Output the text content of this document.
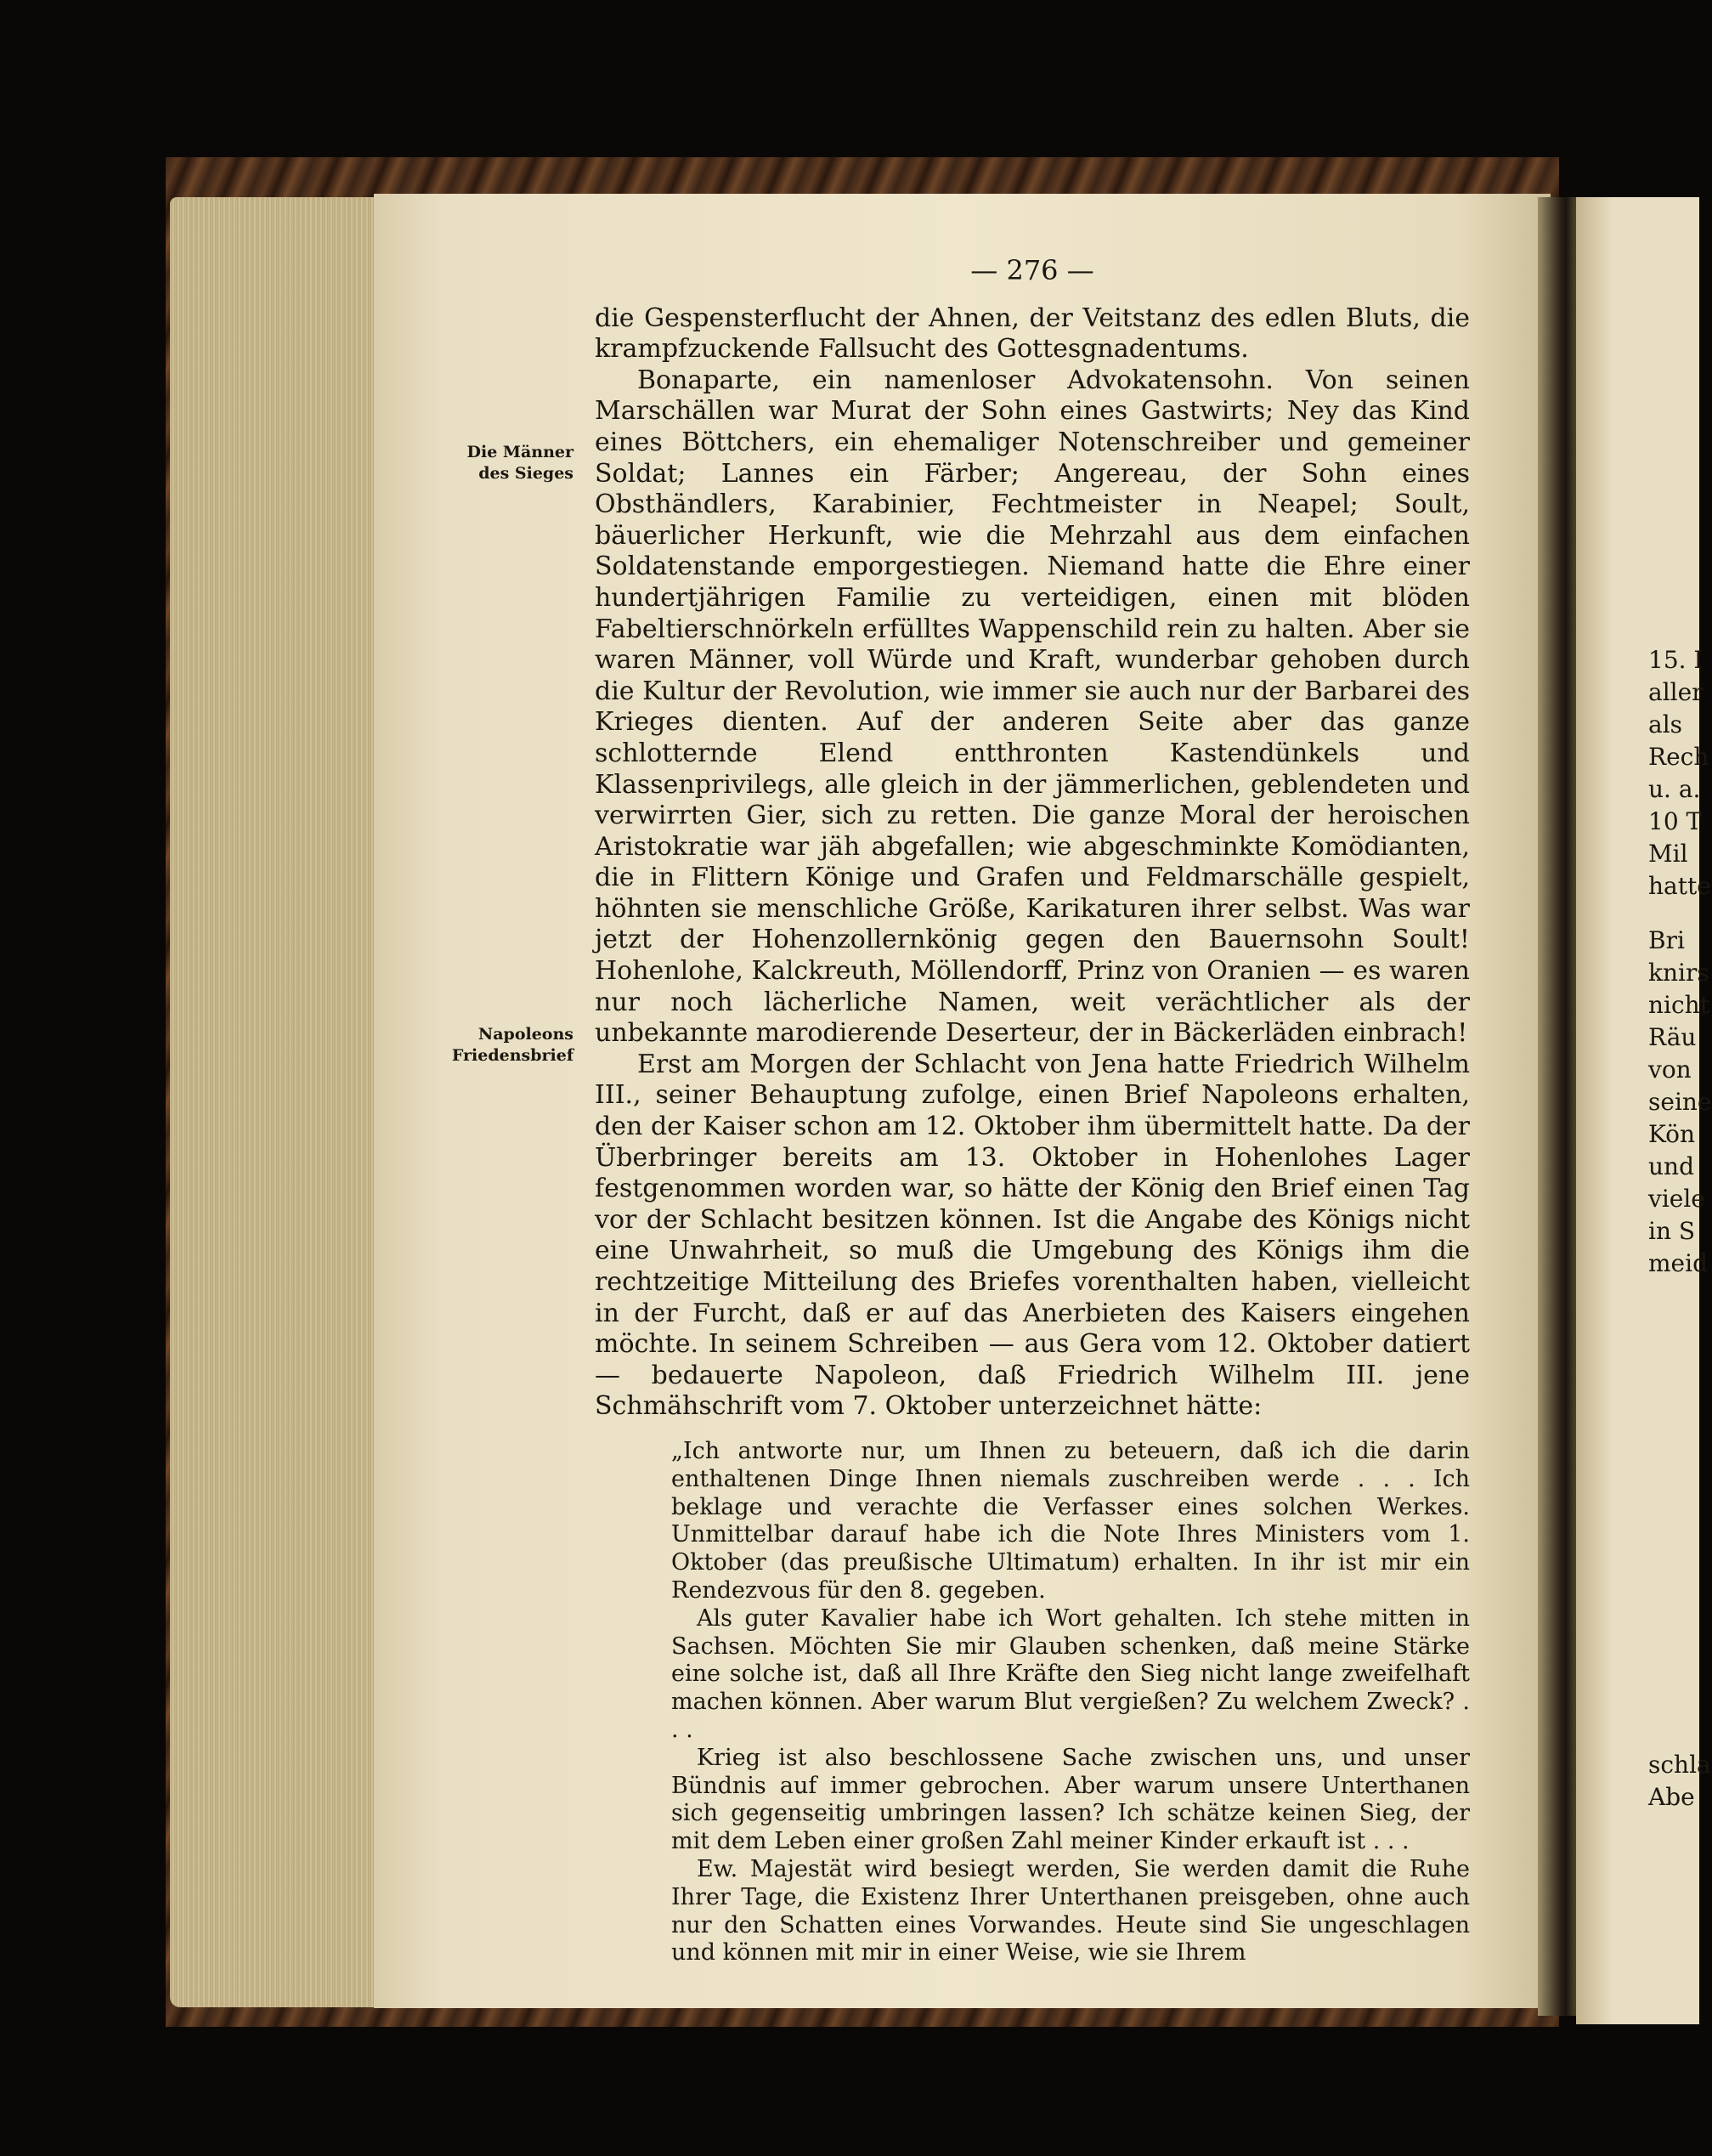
Die Männer des Sieges
Napoleons Friedensbrief
— 276 —

die Gespensterflucht der Ahnen, der Veitstanz des edlen Bluts, die krampfzuckende Fallsucht des Gottesgnadentums.

Bonaparte, ein namenloser Advokatensohn. Von seinen Marschällen war Murat der Sohn eines Gastwirts; Ney das Kind eines Böttchers, ein ehemaliger Notenschreiber und gemeiner Soldat; Lannes ein Färber; Angereau, der Sohn eines Obsthändlers, Karabinier, Fechtmeister in Neapel; Soult, bäuerlicher Herkunft, wie die Mehrzahl aus dem einfachen Soldatenstande emporgestiegen. Niemand hatte die Ehre einer hundertjährigen Familie zu verteidigen, einen mit blöden Fabeltierschnörkeln erfülltes Wappenschild rein zu halten. Aber sie waren Männer, voll Würde und Kraft, wunderbar gehoben durch die Kultur der Revolution, wie immer sie auch nur der Barbarei des Krieges dienten. Auf der anderen Seite aber das ganze schlotternde Elend entthronten Kastendünkels und Klassenprivilegs, alle gleich in der jämmerlichen, geblendeten und verwirrten Gier, sich zu retten. Die ganze Moral der heroischen Aristokratie war jäh abgefallen; wie abgeschminkte Komödianten, die in Flittern Könige und Grafen und Feldmarschälle gespielt, höhnten sie menschliche Größe, Karikaturen ihrer selbst. Was war jetzt der Hohenzollernkönig gegen den Bauernsohn Soult! Hohenlohe, Kalckreuth, Möllendorff, Prinz von Oranien — es waren nur noch lächerliche Namen, weit verächtlicher als der unbekannte marodierende Deserteur, der in Bäckerläden einbrach!

Erst am Morgen der Schlacht von Jena hatte Friedrich Wilhelm III., seiner Behauptung zufolge, einen Brief Napoleons erhalten, den der Kaiser schon am 12. Oktober ihm übermittelt hatte. Da der Überbringer bereits am 13. Oktober in Hohenlohes Lager festgenommen worden war, so hätte der König den Brief einen Tag vor der Schlacht besitzen können. Ist die Angabe des Königs nicht eine Unwahrheit, so muß die Umgebung des Königs ihm die rechtzeitige Mitteilung des Briefes vorenthalten haben, vielleicht in der Furcht, daß er auf das Anerbieten des Kaisers eingehen möchte. In seinem Schreiben — aus Gera vom 12. Oktober datiert — bedauerte Napoleon, daß Friedrich Wilhelm III. jene Schmähschrift vom 7. Oktober unterzeichnet hätte:

„Ich antworte nur, um Ihnen zu beteuern, daß ich die darin enthaltenen Dinge Ihnen niemals zuschreiben werde . . . Ich beklage und verachte die Verfasser eines solchen Werkes. Unmittelbar darauf habe ich die Note Ihres Ministers vom 1. Oktober (das preußische Ultimatum) erhalten. In ihr ist mir ein Rendezvous für den 8. gegeben.

Als guter Kavalier habe ich Wort gehalten. Ich stehe mitten in Sachsen. Möchten Sie mir Glauben schenken, daß meine Stärke eine solche ist, daß all Ihre Kräfte den Sieg nicht lange zweifelhaft machen können. Aber warum Blut vergießen? Zu welchem Zweck? . . .

Krieg ist also beschlossene Sache zwischen uns, und unser Bündnis auf immer gebrochen. Aber warum unsere Unterthanen sich gegenseitig umbringen lassen? Ich schätze keinen Sieg, der mit dem Leben einer großen Zahl meiner Kinder erkauft ist . . .

Ew. Majestät wird besiegt werden, Sie werden damit die Ruhe Ihrer Tage, die Existenz Ihrer Unterthanen preisgeben, ohne auch nur den Schatten eines Vorwandes. Heute sind Sie ungeschlagen und können mit mir in einer Weise, wie sie Ihrem

15. I
aller
als
Rech
u. a.
10 T
Mil
hatte
Bri
knirs
nicht
Räu
von
seine
Kön
und
viele
in S
meid
schla
Abe
